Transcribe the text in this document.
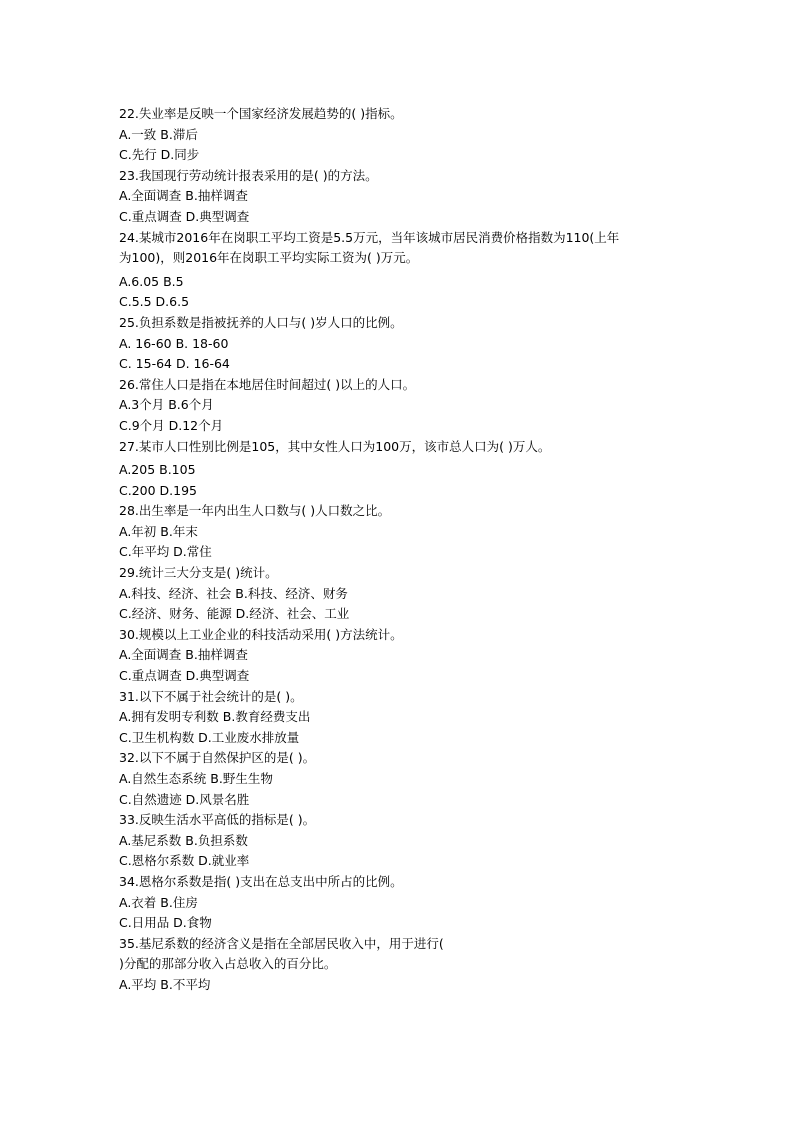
22.失业率是反映一个国家经济发展趋势的( )指标。
A.一致 B.滞后
C.先行 D.同步
23.我国现行劳动统计报表采用的是( )的方法。
A.全面调查 B.抽样调查
C.重点调查 D.典型调查
24.某城市2016年在岗职工平均工资是5.5万元，当年该城市居民消费价格指数为110(上年
为100)，则2016年在岗职工平均实际工资为( )万元。
A.6.05 B.5
C.5.5 D.6.5
25.负担系数是指被抚养的人口与( )岁人口的比例。
A. 16-60 B. 18-60
C. 15-64 D. 16-64
26.常住人口是指在本地居住时间超过( )以上的人口。
A.3个月 B.6个月
C.9个月 D.12个月
27.某市人口性别比例是105，其中女性人口为100万，该市总人口为( )万人。
A.205 B.105
C.200 D.195
28.出生率是一年内出生人口数与( )人口数之比。
A.年初 B.年末
C.年平均 D.常住
29.统计三大分支是( )统计。
A.科技、经济、社会 B.科技、经济、财务
C.经济、财务、能源 D.经济、社会、工业
30.规模以上工业企业的科技活动采用( )方法统计。
A.全面调查 B.抽样调查
C.重点调查 D.典型调查
31.以下不属于社会统计的是( )。
A.拥有发明专利数 B.教育经费支出
C.卫生机构数 D.工业废水排放量
32.以下不属于自然保护区的是( )。
A.自然生态系统 B.野生生物
C.自然遗迹 D.风景名胜
33.反映生活水平高低的指标是( )。
A.基尼系数 B.负担系数
C.恩格尔系数 D.就业率
34.恩格尔系数是指( )支出在总支出中所占的比例。
A.衣着 B.住房
C.日用品 D.食物
35.基尼系数的经济含义是指在全部居民收入中，用于进行(
)分配的那部分收入占总收入的百分比。
A.平均 B.不平均
